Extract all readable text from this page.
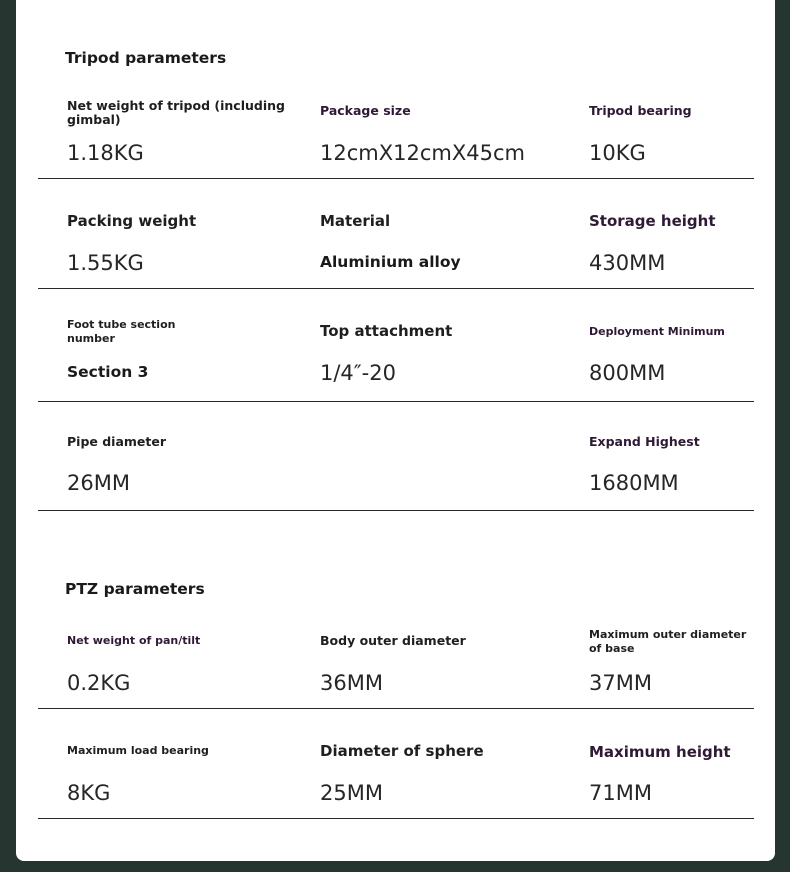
Tripod parameters
Net weight of tripod (including gimbal)
1.18KG
Package size
12cmX12cmX45cm
Tripod bearing
10KG
Packing weight
1.55KG
Material
Aluminium alloy
Storage height
430MM
Foot tube section number
Section 3
Top attachment
1/4″-20
Deployment Minimum
800MM
Pipe diameter
26MM
Expand Highest
1680MM
PTZ parameters
Net weight of pan/tilt
0.2KG
Body outer diameter
36MM
Maximum outer diameter of base
37MM
Maximum load bearing
8KG
Diameter of sphere
25MM
Maximum height
71MM
